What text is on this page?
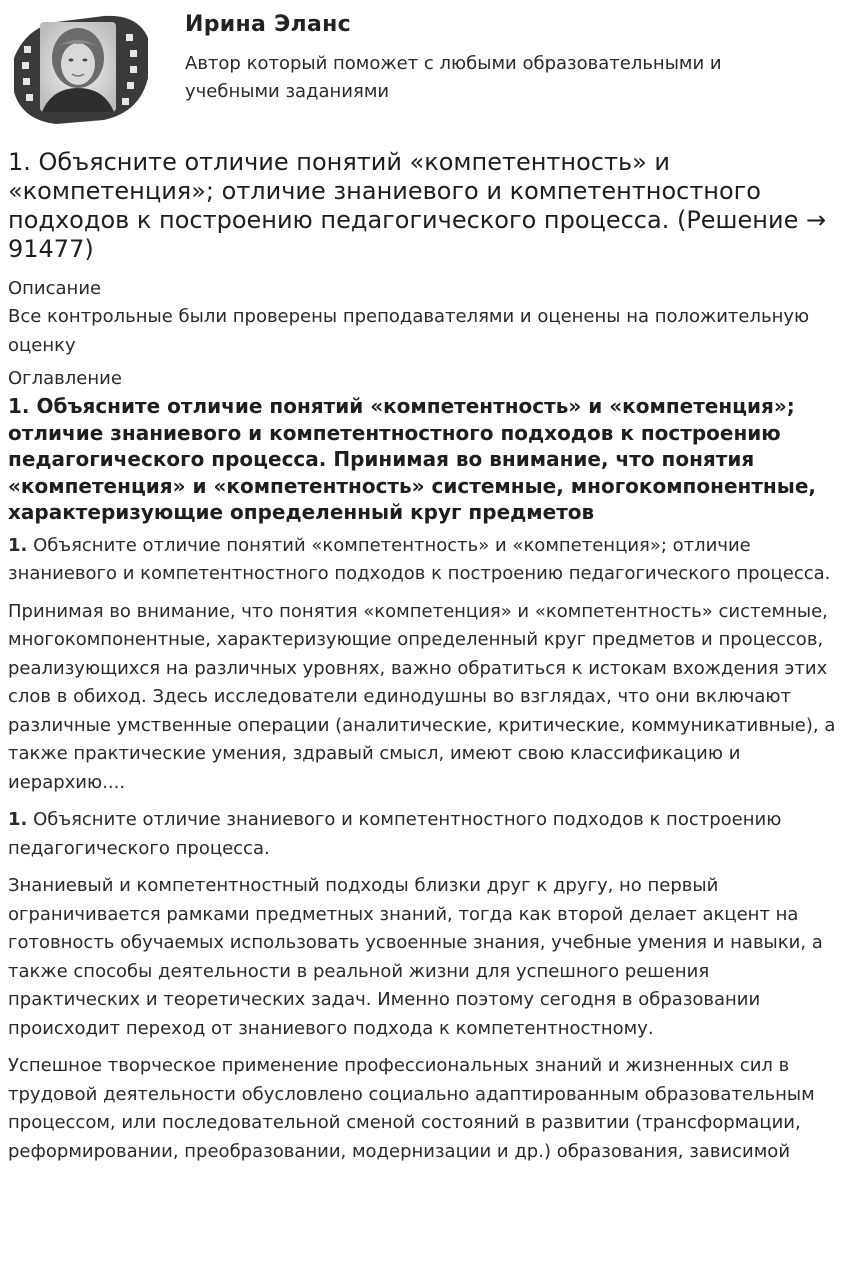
Ирина Эланс
Автор который поможет с любыми образовательными и учебными заданиями
1. Объясните отличие понятий «компетентность» и «компетенция»; отличие знаниевого и компетентностного подходов к построению педагогического процесса. (Решение → 91477)
Описание
Все контрольные были проверены преподавателями и оценены на положительную оценку
Оглавление
1. Объясните отличие понятий «компетентность» и «компетенция»; отличие знаниевого и компетентностного подходов к построению педагогического процесса. Принимая во внимание, что понятия «компетенция» и «компетентность» системные, многокомпонентные, характеризующие определенный круг предметов

1. Объясните отличие понятий «компетентность» и «компетенция»; отличие знаниевого и компетентностного подходов к построению педагогического процесса.

Принимая во внимание, что понятия «компетенция» и «компетентность» системные, многокомпонентные, характеризующие определенный круг предметов и процессов, реализующихся на различных уровнях, важно обратиться к истокам вхождения этих слов в обиход. Здесь исследователи единодушны во взглядах, что они включают различные умственные операции (аналитические, критические, коммуникативные), а также практические умения, здравый смысл, имеют свою классификацию и иерархию....

1. Объясните отличие знаниевого и компетентностного подходов к построению педагогического процесса.

Знаниевый и компетентностный подходы близки друг к другу, но первый ограничивается рамками предметных знаний, тогда как второй делает акцент на готовность обучаемых использовать усвоенные знания, учебные умения и навыки, а также способы деятельности в реальной жизни для успешного решения практических и теоретических задач. Именно поэтому сегодня в образовании происходит переход от знаниевого подхода к компетентностному.

Успешное творческое применение профессиональных знаний и жизненных сил в трудовой деятельности обусловлено социально адаптированным образовательным процессом, или последовательной сменой состояний в развитии (трансформации, реформировании, преобразовании, модернизации и др.) образования, зависимой
